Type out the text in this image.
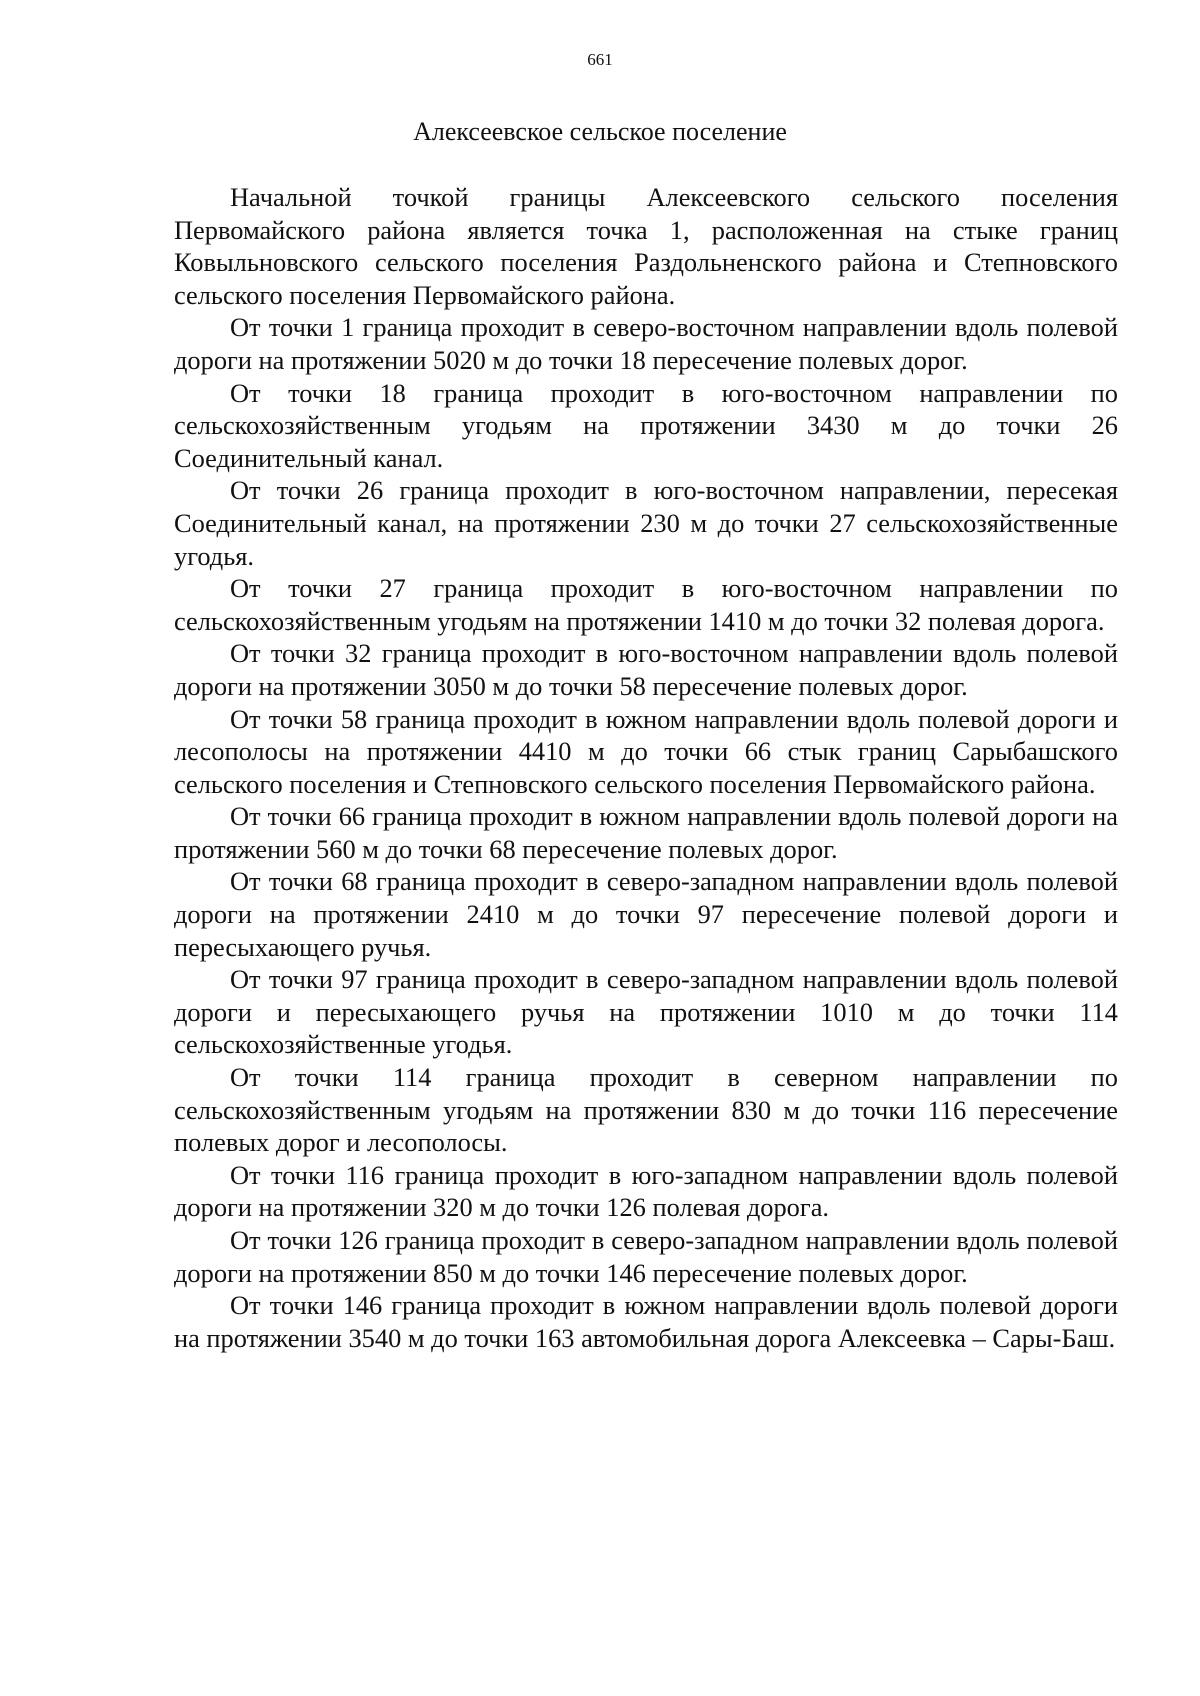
661
Алексеевское сельское поселение

Начальной точкой границы Алексеевского сельского поселения Первомайского района является точка 1, расположенная на стыке границ Ковыльновского сельского поселения Раздольненского района и Степновского сельского поселения Первомайского района.

От точки 1 граница проходит в северо-восточном направлении вдоль полевой дороги на протяжении 5020 м до точки 18 пересечение полевых дорог.

От точки 18 граница проходит в юго-восточном направлении по сельскохозяйственным угодьям на протяжении 3430 м до точки 26 Соединительный канал.

От точки 26 граница проходит в юго-восточном направлении, пересекая Соединительный канал, на протяжении 230 м до точки 27 сельскохозяйственные угодья.

От точки 27 граница проходит в юго-восточном направлении по сельскохозяйственным угодьям на протяжении 1410 м до точки 32 полевая дорога.

От точки 32 граница проходит в юго-восточном направлении вдоль полевой дороги на протяжении 3050 м до точки 58 пересечение полевых дорог.

От точки 58 граница проходит в южном направлении вдоль полевой дороги и лесополосы на протяжении 4410 м до точки 66 стык границ Сарыбашского сельского поселения и Степновского сельского поселения Первомайского района.

От точки 66 граница проходит в южном направлении вдоль полевой дороги на протяжении 560 м до точки 68 пересечение полевых дорог.

От точки 68 граница проходит в северо-западном направлении вдоль полевой дороги на протяжении 2410 м до точки 97 пересечение полевой дороги и пересыхающего ручья.

От точки 97 граница проходит в северо-западном направлении вдоль полевой дороги и пересыхающего ручья на протяжении 1010 м до точки 114 сельскохозяйственные угодья.

От точки 114 граница проходит в северном направлении по сельскохозяйственным угодьям на протяжении 830 м до точки 116 пересечение полевых дорог и лесополосы.

От точки 116 граница проходит в юго-западном направлении вдоль полевой дороги на протяжении 320 м до точки 126 полевая дорога.

От точки 126 граница проходит в северо-западном направлении вдоль полевой дороги на протяжении 850 м до точки 146 пересечение полевых дорог.

От точки 146 граница проходит в южном направлении вдоль полевой дороги на протяжении 3540 м до точки 163 автомобильная дорога Алексеевка – Сары-Баш.
